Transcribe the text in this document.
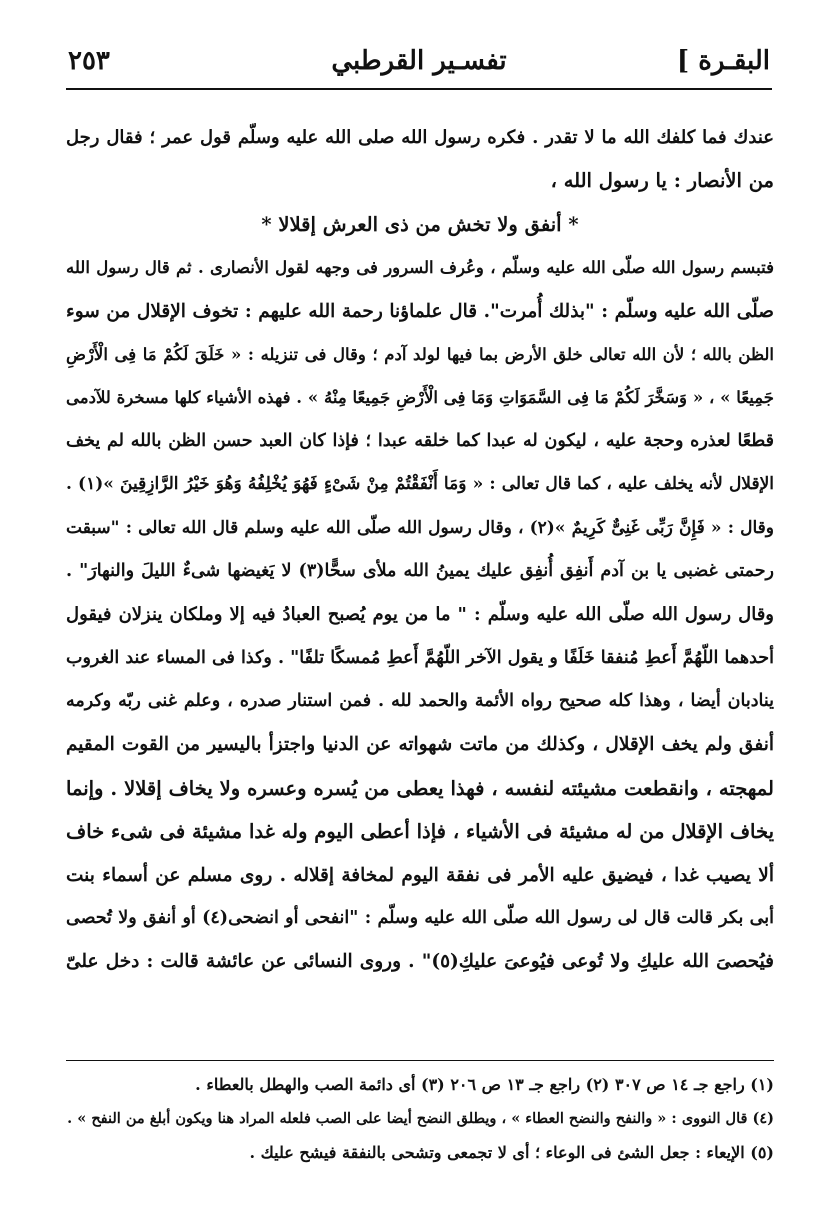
البقـرة ]
تفسـير القرطبي
٢٥٣
عندك فما كلفك الله ما لا تقدر . فكره رسول الله صلى الله عليه وسلّم قول عمر ؛ فقال رجل
من الأنصار : يا رسول الله ،
* أنفق ولا تخش من ذى العرش إقلالا *
فتبسم رسول الله صلّى الله عليه وسلّم ، وعُرف السرور فى وجهه لقول الأنصارى . ثم قال رسول الله
صلّى الله عليه وسلّم : "بذلك أُمرت". قال علماؤنا رحمة الله عليهم : تخوف الإقلال من سوء
الظن بالله ؛ لأن الله تعالى خلق الأرض بما فيها لولد آدم ؛ وقال فى تنزيله : « خَلَقَ لَكُمْ مَا فِى الْأَرْضِ
جَمِيعًا » ، « وَسَخَّرَ لَكُمْ مَا فِى السَّمَوَاتِ وَمَا فِى الْأَرْضِ جَمِيعًا مِنْهُ » . فهذه الأشياء كلها مسخرة للآدمى
قطعًا لعذره وحجة عليه ، ليكون له عبدا كما خلقه عبدا ؛ فإذا كان العبد حسن الظن بالله لم يخف
الإقلال لأنه يخلف عليه ، كما قال تعالى : « وَمَا أَنْفَقْتُمْ مِنْ شَىْءٍ فَهُوَ يُخْلِفُهُ وَهُوَ خَيْرُ الرَّازِقِينَ »(١) .
وقال : « فَإِنَّ رَبِّى غَنِىٌّ كَرِيمٌ »(٢) ، وقال رسول الله صلّى الله عليه وسلم قال الله تعالى : "سبقت
رحمتى غضبى يا بن آدم أَنفِق أُنفِق عليك يمينُ الله ملأى سحًّا(٣) لا يَغيضها شىءٌ الليلَ والنهارَ" .
وقال رسول الله صلّى الله عليه وسلّم : " ما من يوم يُصبح العبادُ فيه إلا وملكان ينزلان فيقول
أحدهما اللّهُمَّ أَعطِ مُنفقا خَلَفًا و يقول الآخر اللّهُمَّ أَعطِ مُمسكًا تلفًا" . وكذا فى المساء عند الغروب
ينادبان أيضا ، وهذا كله صحيح رواه الأئمة والحمد لله . فمن استنار صدره ، وعلم غنى ربّه وكرمه
أنفق ولم يخف الإقلال ، وكذلك من ماتت شهواته عن الدنيا واجتزأ باليسير من القوت المقيم
لمهجته ، وانقطعت مشيئته لنفسه ، فهذا يعطى من يُسره وعسره ولا يخاف إقلالا . وإنما
يخاف الإقلال من له مشيئة فى الأشياء ، فإذا أعطى اليوم وله غدا مشيئة فى شىء خاف
ألا يصيب غدا ، فيضيق عليه الأمر فى نفقة اليوم لمخافة إقلاله . روى مسلم عن أسماء بنت
أبى بكر قالت قال لى رسول الله صلّى الله عليه وسلّم : "انفحى أو انضحى(٤) أو أنفق ولا تُحصى
فيُحصىَ الله عليكِ ولا تُوعى فيُوعىَ عليكِ(٥)" . وروى النسائى عن عائشة قالت : دخل علىّ
(١) راجع جـ ١٤ ص ٣٠٧ (٢) راجع جـ ١٣ ص ٢٠٦ (٣) أى دائمة الصب والهطل بالعطاء .
(٤) قال النووى : « والنفح والنضح العطاء » ، ويطلق النضح أيضا على الصب فلعله المراد هنا ويكون أبلغ من النفح » .
(٥) الإيعاء : جعل الشئ فى الوعاء ؛ أى لا تجمعى وتشحى بالنفقة فيشح عليك .
